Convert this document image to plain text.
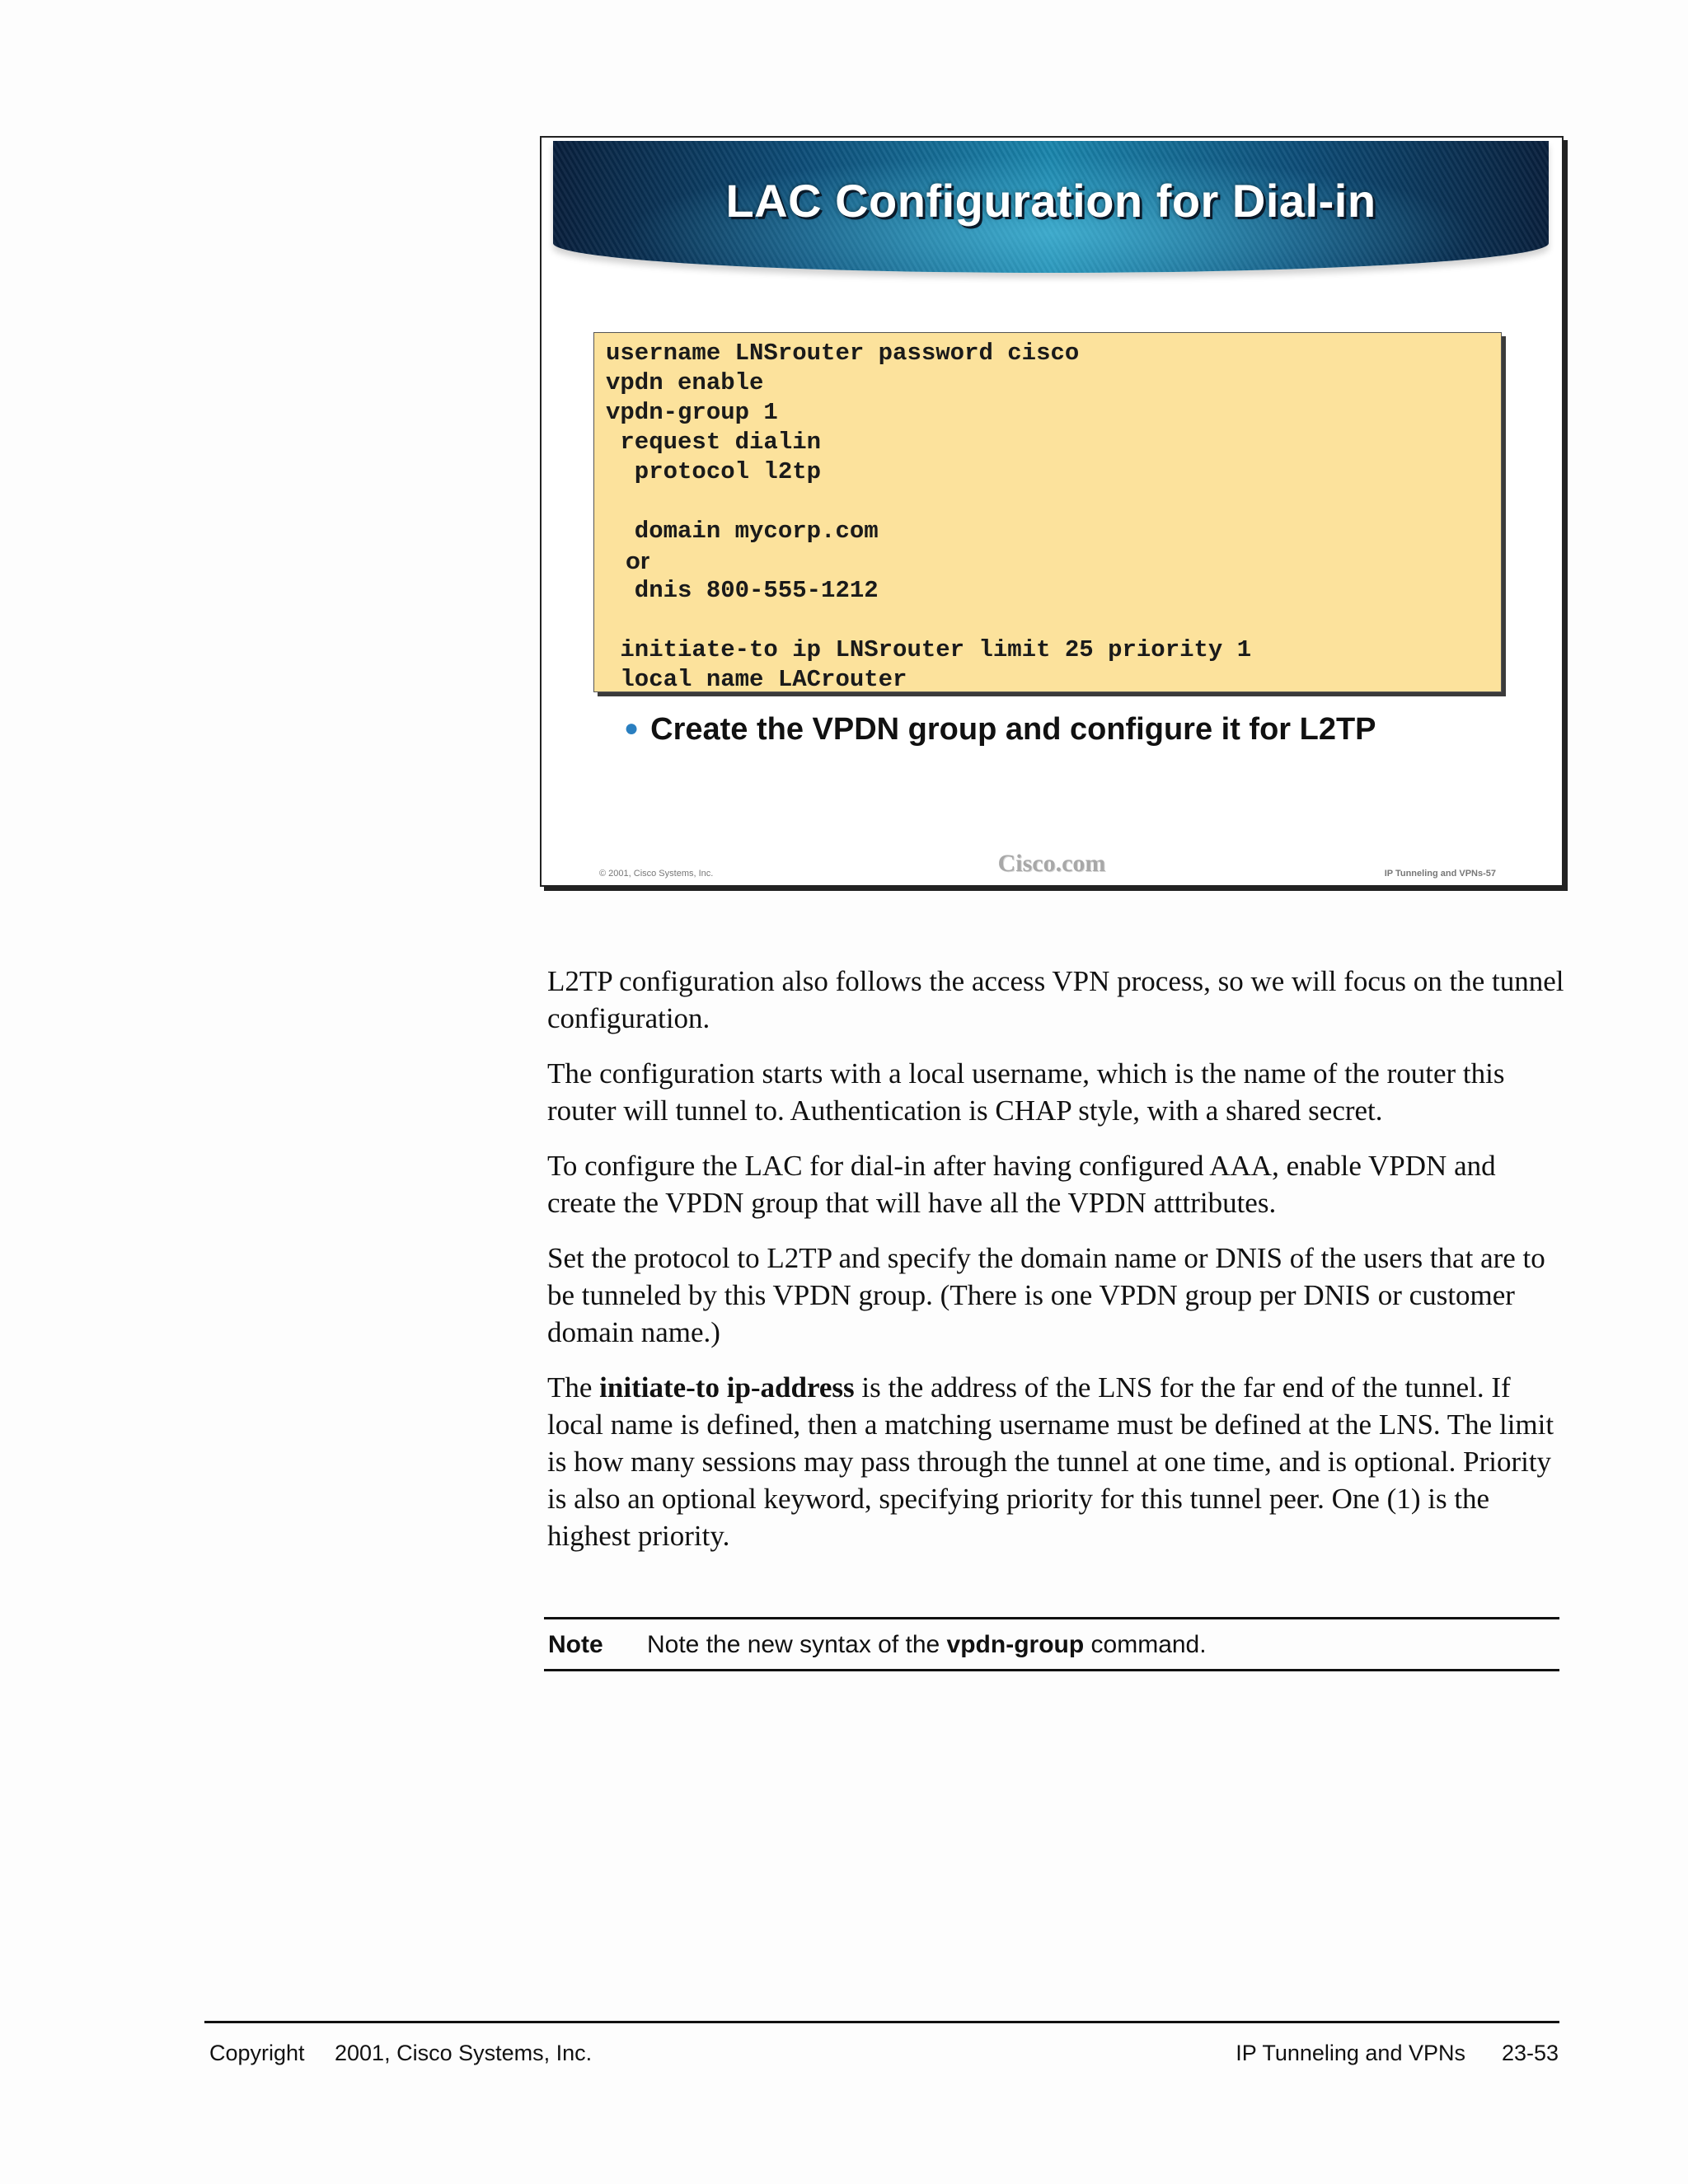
LAC Configuration for Dial-in
username LNSrouter password cisco
vpdn enable
vpdn-group 1
request dialin
protocol l2tp
domain mycorp.com
or
dnis 800-555-1212
initiate-to ip LNSrouter limit 25 priority 1
local name LACrouter
● Create the VPDN group and configure it for L2TP
© 2001, Cisco Systems, Inc.	Cisco.com	IP Tunneling and VPNs-57

L2TP configuration also follows the access VPN process, so we will focus on the tunnel configuration.

The configuration starts with a local username, which is the name of the router this router will tunnel to. Authentication is CHAP style, with a shared secret.

To configure the LAC for dial-in after having configured AAA, enable VPDN and create the VPDN group that will have all the VPDN atttributes.

Set the protocol to L2TP and specify the domain name or DNIS of the users that are to be tunneled by this VPDN group. (There is one VPDN group per DNIS or customer domain name.)

The initiate-to ip-address is the address of the LNS for the far end of the tunnel. If local name is defined, then a matching username must be defined at the LNS. The limit is how many sessions may pass through the tunnel at one time, and is optional. Priority is also an optional keyword, specifying priority for this tunnel peer. One (1) is the highest priority.

Note Note the new syntax of the vpdn-group command.
Copyright 2001, Cisco Systems, Inc.	IP Tunneling and VPNs 23-53
